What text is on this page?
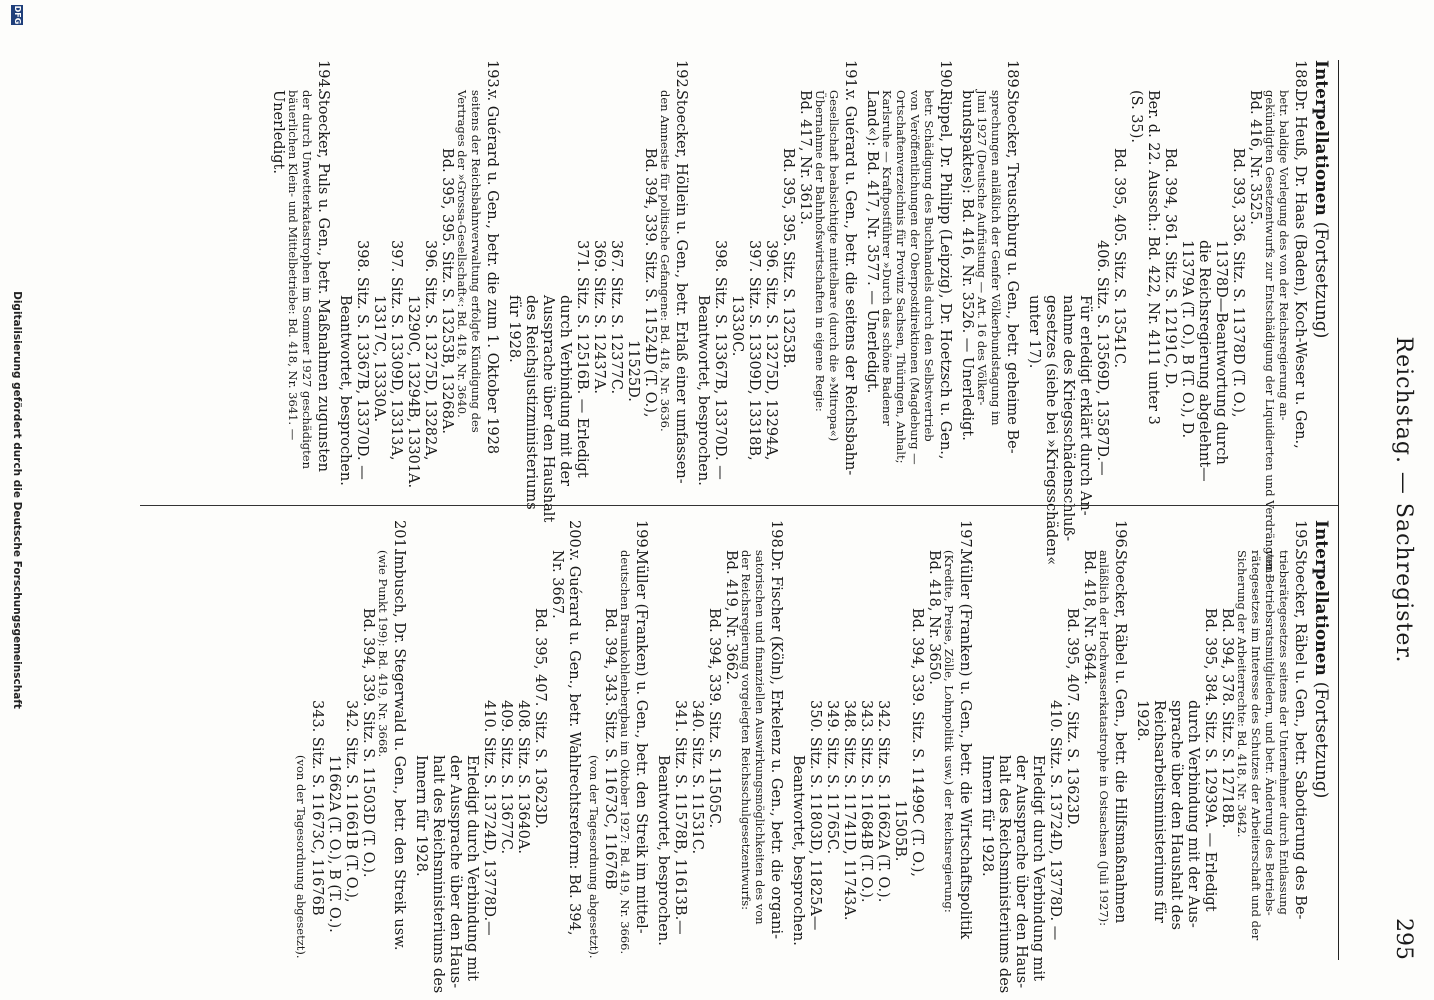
Reichstag. — Sachregister.
295
Interpellationen (Fortsetzung)
188.
Dr. Heuß, Dr. Haas (Baden), Koch-Weser u. Gen.,
betr. baldige Vorlegung des von der Reichsregierung an-
gekündigten Gesetzentwurfs zur Entschädigung der Liquidierten und Verdrängten:
Bd. 416, Nr. 3525.
Bd. 393, 336. Sitz. S. 11378D (T. O.),
11378D—Beantwortung durch
die Reichsregierung abgelehnt—
11379A (T. O.), B (T. O.), D.
Bd. 394, 361. Sitz. S. 12191C, D.
Ber. d. 22. Aussch.: Bd. 422, Nr. 4111 unter 3
(S. 35).
Bd. 395, 405. Sitz. S. 13541C.
406. Sitz. S. 13569D, 13587D.—
Für erledigt erklärt durch An-
nahme des Kriegsschädenschluß-
gesetzes (siehe bei »Kriegsschäden«
unter 17).
189.
Stoecker, Treuschburg u. Gen., betr. geheime Be-
sprechungen anläßlich der Genfer Völkerbundstagung im
Juni 1927 (Deutsche Aufrüstung — Art. 16 des Völker-
bundspaktes): Bd. 416, Nr. 3526. — Unerledigt.
190.
Rippel, Dr. Philipp (Leipzig), Dr. Hoetzsch u. Gen.,
betr. Schädigung des Buchhandels durch den Selbstvertrieb
von Veröffentlichungen der Oberpostdirektionen (Magdeburg —
Ortschaftenverzeichnis für Provinz Sachsen, Thüringen, Anhalt;
Karlsruhe — Kraftpostführer »Durch das schöne Badener
Land«): Bd. 417, Nr. 3577. — Unerledigt.
191.
v. Guérard u. Gen., betr. die seitens der Reichsbahn-
Gesellschaft beabsichtigte mittelbare (durch die »Mitropa«)
Übernahme der Bahnhofswirtschaften in eigene Regie:
Bd. 417, Nr. 3613.
Bd. 395, 395. Sitz. S. 13253B.
396. Sitz. S. 13275D, 13294A,
397. Sitz. S. 13309D, 13318B,
13330C.
398. Sitz. S. 13367B, 13370D. —
Beantwortet, besprochen.
192.
Stoecker, Höllein u. Gen., betr. Erlaß einer umfassen-
den Amnestie für politische Gefangene: Bd. 418, Nr. 3636.
Bd. 394, 339. Sitz. S. 11524D (T. O.),
11525D.
367. Sitz. S. 12377C.
369. Sitz. S. 12437A.
371. Sitz. S. 12516B. — Erledigt
durch Verbindung mit der
Aussprache über den Haushalt
des Reichsjustizministeriums
für 1928.
193.
v. Guérard u. Gen., betr. die zum 1. Oktober 1928
seitens der Reichsbahnverwaltung erfolgte Kündigung des
Vertrages der »Grossa-Gesellschaft«: Bd. 418, Nr. 3640.
Bd. 395, 395. Sitz. S. 13253B, 13268A.
396. Sitz. S. 13275D, 13282A,
13290C, 13294B, 13301A.
397. Sitz. S. 13309D, 13313A,
13317C, 13330A.
398. Sitz. S. 13367B, 13370D. —
Beantwortet, besprochen.
194.
Stoecker, Puls u. Gen., betr. Maßnahmen zugunsten
der durch Unwetterkatastrophen im Sommer 1927 geschädigten
bäuerlichen Klein- und Mittelbetriebe: Bd. 418, Nr. 3641. —
Unerledigt.
Interpellationen (Fortsetzung)
195.
Stoecker, Räbel u. Gen., betr. Sabotierung des Be-
triebsrätegesetzes seitens der Unternehmer durch Entlassung
von Betriebsratsmitgliedern, und betr. Änderung des Betriebs-
rätegesetzes im Interesse des Schutzes der Arbeiterschaft und der
Sicherung der Arbeiterrechte: Bd. 418, Nr. 3642.
Bd. 394, 378. Sitz. S. 12718B.
Bd. 395, 384. Sitz. S. 12939A. — Erledigt
durch Verbindung mit der Aus-
sprache über den Haushalt des
Reichsarbeitsministeriums für
1928.
196.
Stoecker, Räbel u. Gen., betr. die Hilfsmaßnahmen
anläßlich der Hochwasserkatastrophe in Ostsachsen (Juli 1927):
Bd. 418, Nr. 3644.
Bd. 395, 407. Sitz. S. 13623D.
410. Sitz. S. 13724D, 13778D. —
Erledigt durch Verbindung mit
der Aussprache über den Haus-
halt des Reichsministeriums des
Innern für 1928.
197.
Müller (Franken) u. Gen., betr. die Wirtschaftspolitik
(Kredite, Preise, Zölle, Lohnpolitik usw.) der Reichsregierung:
Bd. 418, Nr. 3650.
Bd. 394, 339. Sitz. S. 11499C (T. O.),
11505B.
342. Sitz. S. 11662A (T. O.).
343. Sitz. S. 11684B (T. O.).
348. Sitz. S. 11741D, 11743A.
349. Sitz. S. 11765C.
350. Sitz. S. 11803D, 11825A—
Beantwortet, besprochen.
198.
Dr. Fischer (Köln), Erkelenz u. Gen., betr. die organi-
satorischen und finanziellen Auswirkungsmöglichkeiten des von
der Reichsregierung vorgelegten Reichsschulgesetzentwurfs:
Bd. 419, Nr. 3662.
Bd. 394, 339. Sitz. S. 11505C.
340. Sitz. S. 11531C.
341. Sitz. S. 11578B, 11613B.—
Beantwortet, besprochen.
199.
Müller (Franken) u. Gen., betr. den Streik im mittel-
deutschen Braunkohlenbergbau im Oktober 1927: Bd. 419, Nr. 3666.
Bd. 394, 343. Sitz. S. 11673C, 11676B
(von der Tagesordnung abgesetzt).
200.
v. Guérard u. Gen., betr. Wahlrechtsreform: Bd. 394,
Nr. 3667.
Bd. 395, 407. Sitz. S. 13623D.
408. Sitz. S. 13640A.
409. Sitz. S. 13677C.
410. Sitz. S. 13724D, 13778D.—
Erledigt durch Verbindung mit
der Aussprache über den Haus-
halt des Reichsministeriums des
Innern für 1928.
201.
Imbusch, Dr. Stegerwald u. Gen., betr. den Streik usw.
(wie Punkt 199): Bd. 419, Nr. 3668.
Bd. 394, 339. Sitz. S. 11503D (T. O.).
342. Sitz. S. 11661B (T. O.),
11662A (T. O.), B (T. O.).
343. Sitz. S. 11673C, 11676B
(von der Tagesordnung abgesetzt).
DFG
Digitalisierung gefördert durch die Deutsche Forschungsgemeinschaft
